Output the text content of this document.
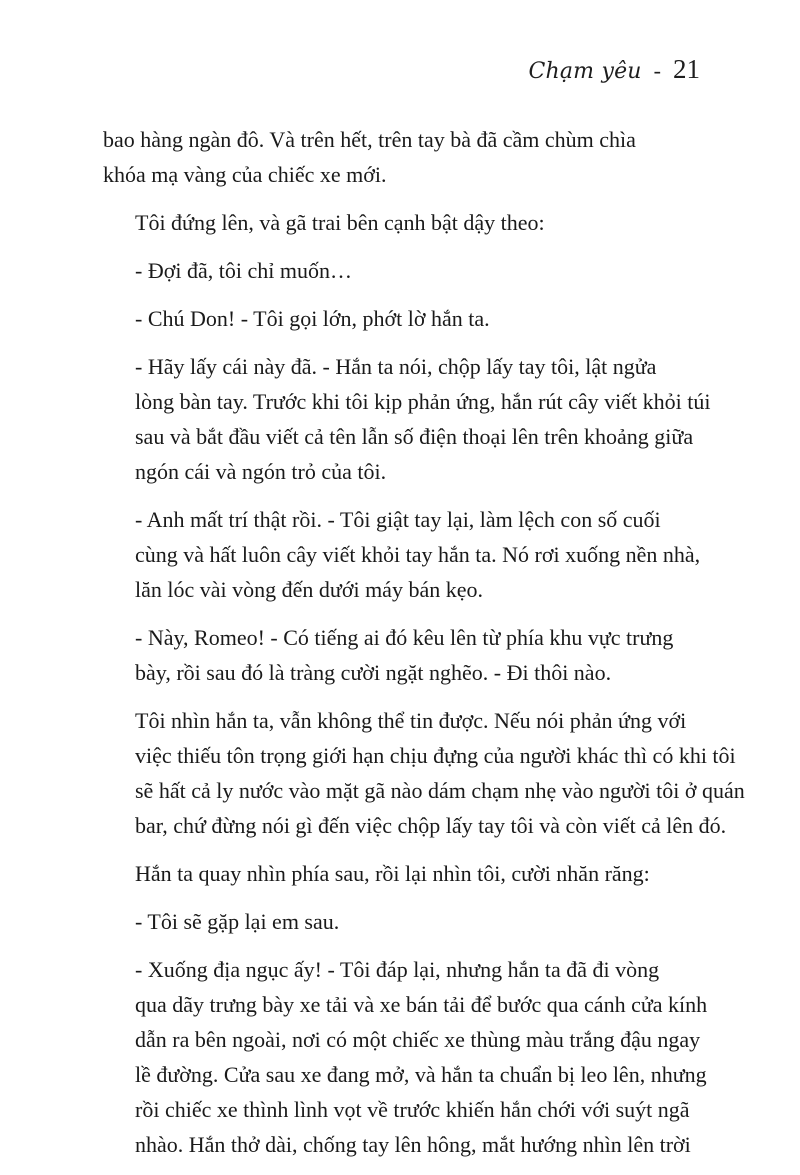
Chạm yêu - 21

bao hàng ngàn đô. Và trên hết, trên tay bà đã cầm chùm chìa
khóa mạ vàng của chiếc xe mới.

Tôi đứng lên, và gã trai bên cạnh bật dậy theo:

- Đợi đã, tôi chỉ muốn…

- Chú Don! - Tôi gọi lớn, phớt lờ hắn ta.

- Hãy lấy cái này đã. - Hắn ta nói, chộp lấy tay tôi, lật ngửa
lòng bàn tay. Trước khi tôi kịp phản ứng, hắn rút cây viết khỏi túi
sau và bắt đầu viết cả tên lẫn số điện thoại lên trên khoảng giữa
ngón cái và ngón trỏ của tôi.

- Anh mất trí thật rồi. - Tôi giật tay lại, làm lệch con số cuối
cùng và hất luôn cây viết khỏi tay hắn ta. Nó rơi xuống nền nhà,
lăn lóc vài vòng đến dưới máy bán kẹo.

- Này, Romeo! - Có tiếng ai đó kêu lên từ phía khu vực trưng
bày, rồi sau đó là tràng cười ngặt nghẽo. - Đi thôi nào.

Tôi nhìn hắn ta, vẫn không thể tin được. Nếu nói phản ứng với
việc thiếu tôn trọng giới hạn chịu đựng của người khác thì có khi tôi
sẽ hất cả ly nước vào mặt gã nào dám chạm nhẹ vào người tôi ở quán
bar, chứ đừng nói gì đến việc chộp lấy tay tôi và còn viết cả lên đó.

Hắn ta quay nhìn phía sau, rồi lại nhìn tôi, cười nhăn răng:

- Tôi sẽ gặp lại em sau.

- Xuống địa ngục ấy! - Tôi đáp lại, nhưng hắn ta đã đi vòng
qua dãy trưng bày xe tải và xe bán tải để bước qua cánh cửa kính
dẫn ra bên ngoài, nơi có một chiếc xe thùng màu trắng đậu ngay
lề đường. Cửa sau xe đang mở, và hắn ta chuẩn bị leo lên, nhưng
rồi chiếc xe thình lình vọt về trước khiến hắn chới với suýt ngã
nhào. Hắn thở dài, chống tay lên hông, mắt hướng nhìn lên trời
